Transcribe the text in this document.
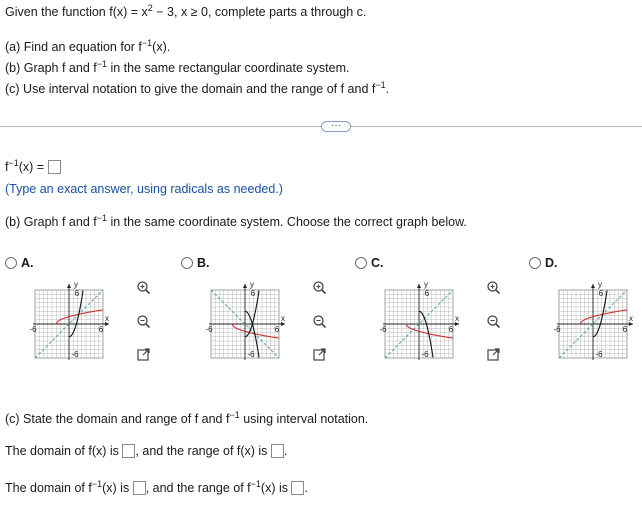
Given the function $f(x) = x^2 - 3$, x ≥ 0, complete parts a through c.
(a) Find an equation for $f^{-1}(x)$.
(b) Graph f and $f^{-1}$ in the same rectangular coordinate system.
(c) Use interval notation to give the domain and the range of f and $f^{-1}$.
···
$f^{-1}(x)$ =
(Type an exact answer, using radicals as needed.)
(b) Graph f and $f^{-1}$ in the same coordinate system. Choose the correct graph below.
A.
6
-6
-6	6
y
x
B.
6
-6
-6	6
y
x
C.
6
-6
-6	6
y
x
D.
6
-6
-6	6
y
x
(c) State the domain and range of f and $f^{-1}$ using interval notation.
The domain of f(x) is , and the range of f(x) is .
The domain of $f^{-1}(x)$ is , and the range of $f^{-1}(x)$ is .
